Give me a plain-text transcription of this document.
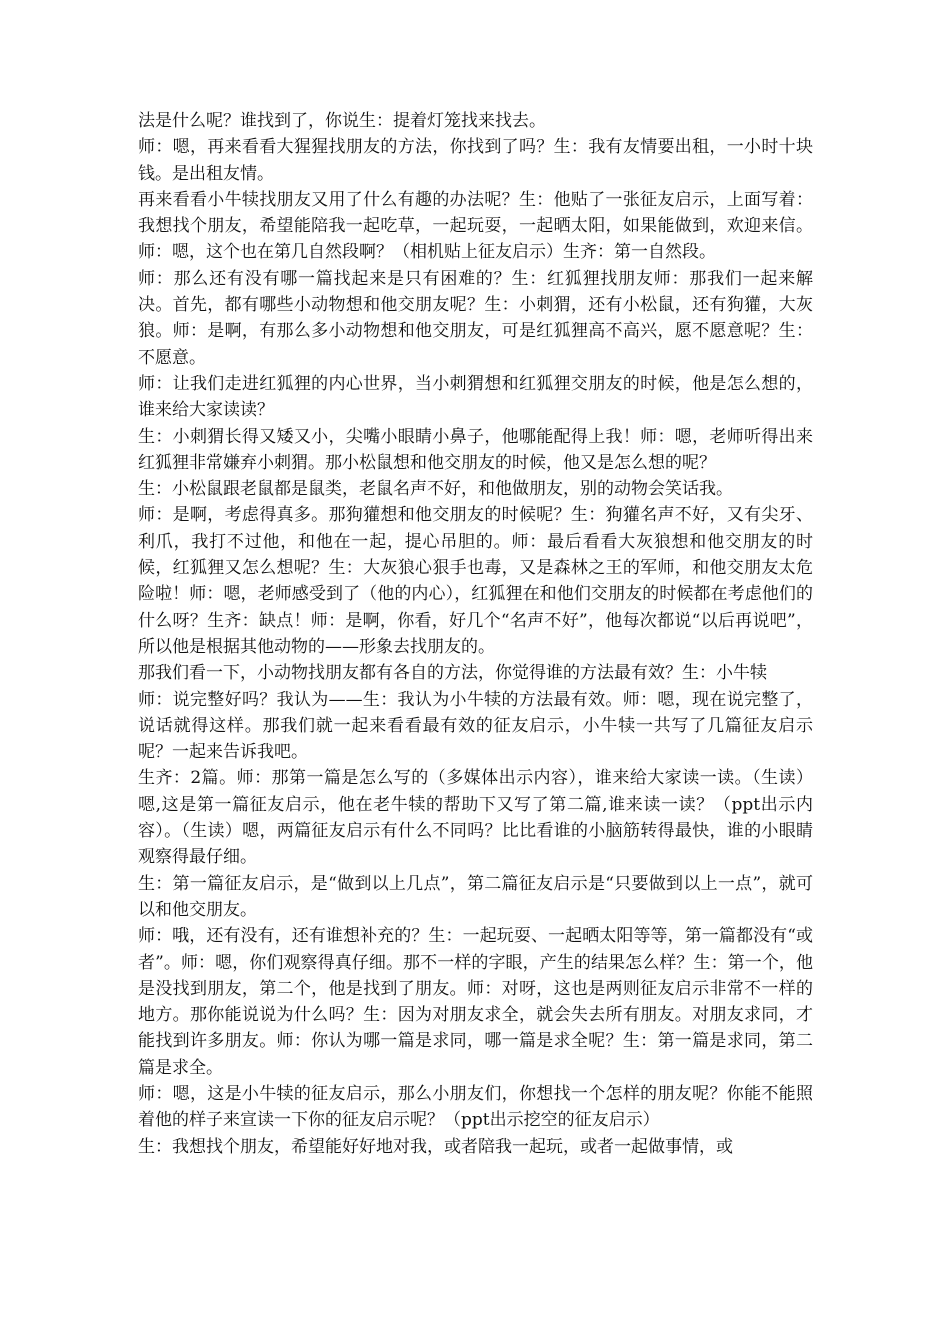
法是什么呢？谁找到了，你说生：提着灯笼找来找去。

师：嗯，再来看看大猩猩找朋友的方法，你找到了吗？生：我有友情要出租，一小时十块钱。是出租友情。

再来看看小牛犊找朋友又用了什么有趣的办法呢？生：他贴了一张征友启示，上面写着：我想找个朋友，希望能陪我一起吃草，一起玩耍，一起晒太阳，如果能做到，欢迎来信。师：嗯，这个也在第几自然段啊？（相机贴上征友启示）生齐：第一自然段。

师：那么还有没有哪一篇找起来是只有困难的？生：红狐狸找朋友师：那我们一起来解决。首先，都有哪些小动物想和他交朋友呢？生：小刺猬，还有小松鼠，还有狗獾，大灰狼。师：是啊，有那么多小动物想和他交朋友，可是红狐狸高不高兴，愿不愿意呢？生：不愿意。

师：让我们走进红狐狸的内心世界，当小刺猬想和红狐狸交朋友的时候，他是怎么想的，谁来给大家读读？

生：小刺猬长得又矮又小，尖嘴小眼睛小鼻子，他哪能配得上我！师：嗯，老师听得出来红狐狸非常嫌弃小刺猬。那小松鼠想和他交朋友的时候，他又是怎么想的呢？

生：小松鼠跟老鼠都是鼠类，老鼠名声不好，和他做朋友，别的动物会笑话我。

师：是啊，考虑得真多。那狗獾想和他交朋友的时候呢？生：狗獾名声不好，又有尖牙、利爪，我打不过他，和他在一起，提心吊胆的。师：最后看看大灰狼想和他交朋友的时候，红狐狸又怎么想呢？生：大灰狼心狠手也毒，又是森林之王的军师，和他交朋友太危险啦！师：嗯，老师感受到了（他的内心），红狐狸在和他们交朋友的时候都在考虑他们的什么呀？生齐：缺点！师：是啊，你看，好几个“名声不好”，他每次都说“以后再说吧”，所以他是根据其他动物的——形象去找朋友的。

那我们看一下，小动物找朋友都有各自的方法，你觉得谁的方法最有效？生：小牛犊

师：说完整好吗？我认为——生：我认为小牛犊的方法最有效。师：嗯，现在说完整了，说话就得这样。那我们就一起来看看最有效的征友启示，小牛犊一共写了几篇征友启示呢？一起来告诉我吧。

生齐：2篇。师：那第一篇是怎么写的（多媒体出示内容），谁来给大家读一读。（生读）嗯,这是第一篇征友启示，他在老牛犊的帮助下又写了第二篇,谁来读一读？（ppt出示内容）。（生读）嗯，两篇征友启示有什么不同吗？比比看谁的小脑筋转得最快，谁的小眼睛观察得最仔细。

生：第一篇征友启示，是“做到以上几点”，第二篇征友启示是“只要做到以上一点”，就可以和他交朋友。

师：哦，还有没有，还有谁想补充的？生：一起玩耍、一起晒太阳等等，第一篇都没有“或者”。师：嗯，你们观察得真仔细。那不一样的字眼，产生的结果怎么样？生：第一个，他是没找到朋友，第二个，他是找到了朋友。师：对呀，这也是两则征友启示非常不一样的地方。那你能说说为什么吗？生：因为对朋友求全，就会失去所有朋友。对朋友求同，才能找到许多朋友。师：你认为哪一篇是求同，哪一篇是求全呢？生：第一篇是求同，第二篇是求全。

师：嗯，这是小牛犊的征友启示，那么小朋友们，你想找一个怎样的朋友呢？你能不能照着他的样子来宣读一下你的征友启示呢？（ppt出示挖空的征友启示）

生：我想找个朋友，希望能好好地对我，或者陪我一起玩，或者一起做事情，或
